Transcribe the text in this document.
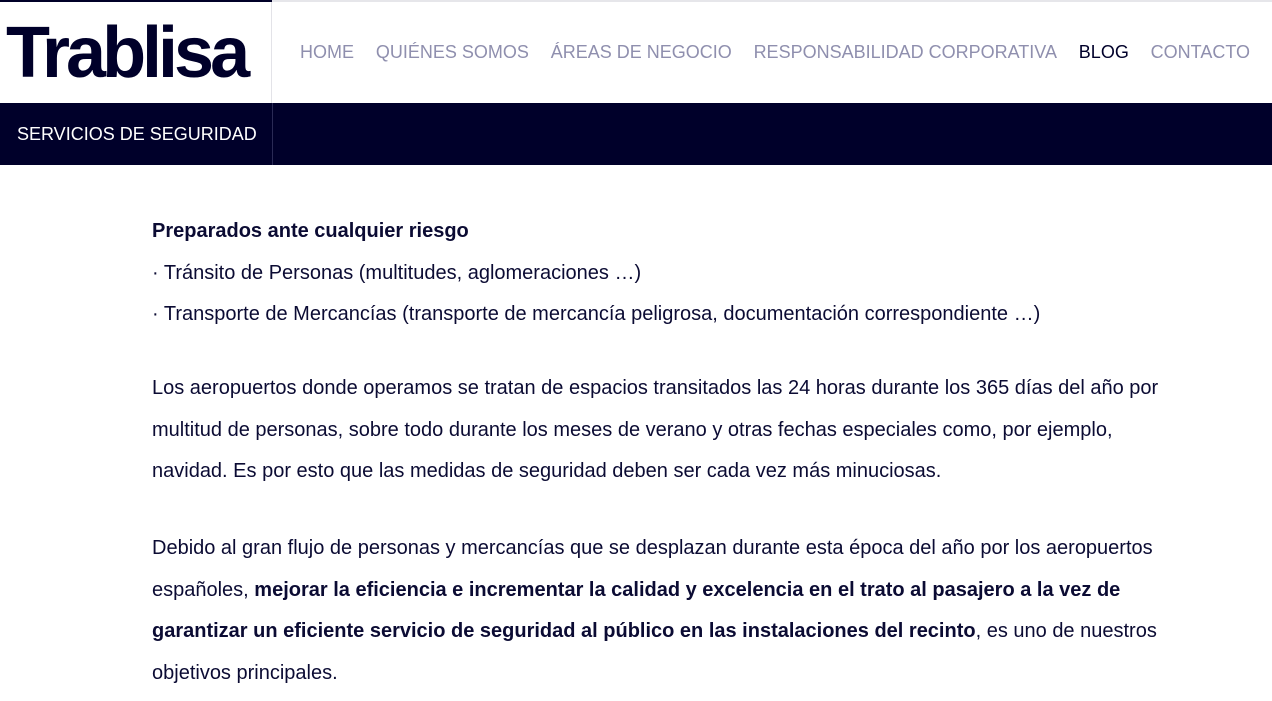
Trablisa	HOME QUIÉNES SOMOS ÁREAS DE NEGOCIO RESPONSABILIDAD CORPORATIVA BLOG CONTACTO
SERVICIOS DE SEGURIDAD

Preparados ante cualquier riesgo

· Tránsito de Personas (multitudes, aglomeraciones …)

· Transporte de Mercancías (transporte de mercancía peligrosa, documentación correspondiente …)

Los aeropuertos donde operamos se tratan de espacios transitados las 24 horas durante los 365 días del año por multitud de personas, sobre todo durante los meses de verano y otras fechas especiales como, por ejemplo, navidad. Es por esto que las medidas de seguridad deben ser cada vez más minuciosas.

Debido al gran flujo de personas y mercancías que se desplazan durante esta época del año por los aeropuertos españoles, mejorar la eficiencia e incrementar la calidad y excelencia en el trato al pasajero a la vez de garantizar un eficiente servicio de seguridad al público en las instalaciones del recinto, es uno de nuestros objetivos principales.
